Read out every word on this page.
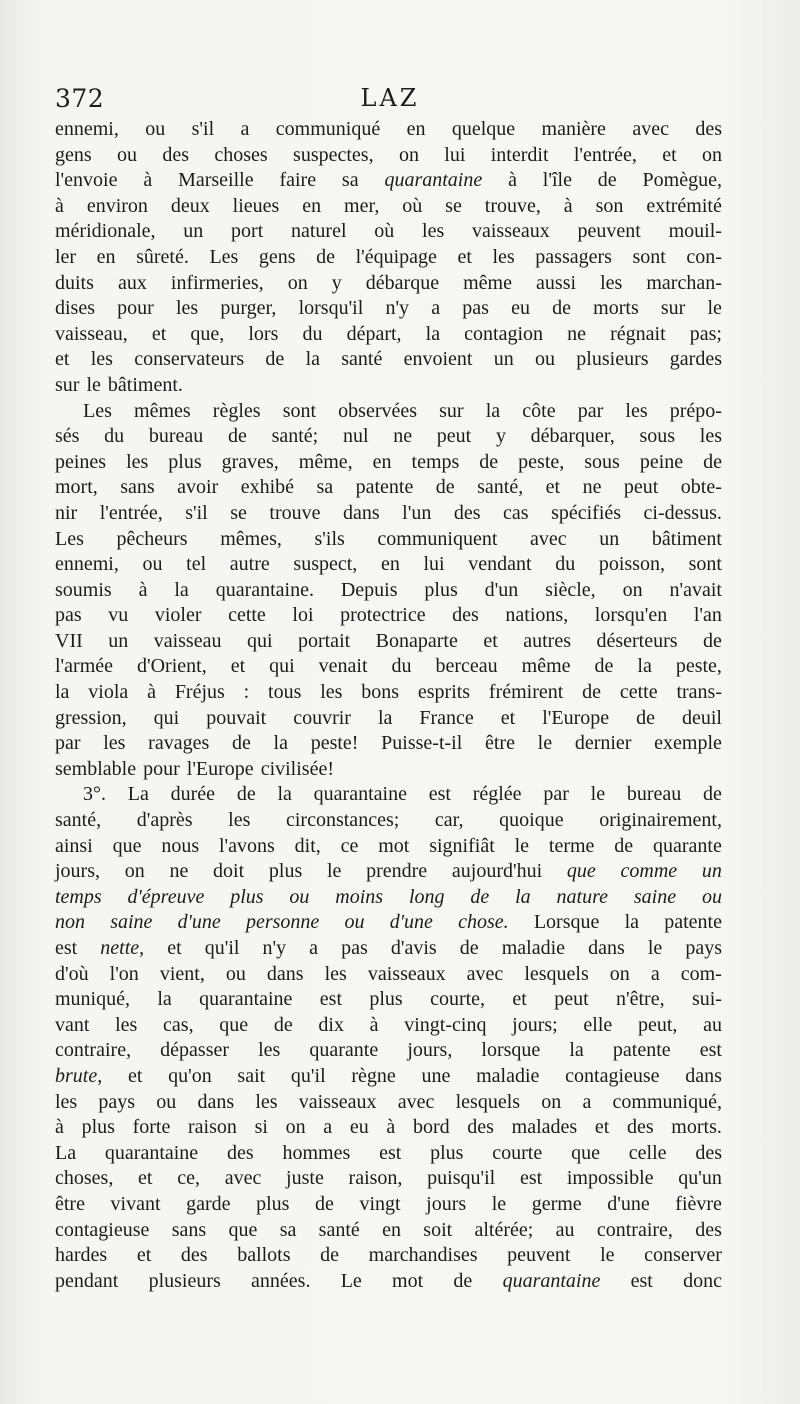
372	LAZ
ennemi, ou s'il a communiqué en quelque manière avec des
gens ou des choses suspectes, on lui interdit l'entrée, et on
l'envoie à Marseille faire sa quarantaine à l'île de Pomègue,
à environ deux lieues en mer, où se trouve, à son extrémité
méridionale, un port naturel où les vaisseaux peuvent mouil-
ler en sûreté. Les gens de l'équipage et les passagers sont con-
duits aux infirmeries, on y débarque même aussi les marchan-
dises pour les purger, lorsqu'il n'y a pas eu de morts sur le
vaisseau, et que, lors du départ, la contagion ne régnait pas;
et les conservateurs de la santé envoient un ou plusieurs gardes
sur le bâtiment.
Les mêmes règles sont observées sur la côte par les prépo-
sés du bureau de santé; nul ne peut y débarquer, sous les
peines les plus graves, même, en temps de peste, sous peine de
mort, sans avoir exhibé sa patente de santé, et ne peut obte-
nir l'entrée, s'il se trouve dans l'un des cas spécifiés ci-dessus.
Les pêcheurs mêmes, s'ils communiquent avec un bâtiment
ennemi, ou tel autre suspect, en lui vendant du poisson, sont
soumis à la quarantaine. Depuis plus d'un siècle, on n'avait
pas vu violer cette loi protectrice des nations, lorsqu'en l'an
VII un vaisseau qui portait Bonaparte et autres déserteurs de
l'armée d'Orient, et qui venait du berceau même de la peste,
la viola à Fréjus : tous les bons esprits frémirent de cette trans-
gression, qui pouvait couvrir la France et l'Europe de deuil
par les ravages de la peste! Puisse-t-il être le dernier exemple
semblable pour l'Europe civilisée!
3°. La durée de la quarantaine est réglée par le bureau de
santé, d'après les circonstances; car, quoique originairement,
ainsi que nous l'avons dit, ce mot signifiât le terme de quarante
jours, on ne doit plus le prendre aujourd'hui que comme un
temps d'épreuve plus ou moins long de la nature saine ou
non saine d'une personne ou d'une chose. Lorsque la patente
est nette, et qu'il n'y a pas d'avis de maladie dans le pays
d'où l'on vient, ou dans les vaisseaux avec lesquels on a com-
muniqué, la quarantaine est plus courte, et peut n'être, sui-
vant les cas, que de dix à vingt-cinq jours; elle peut, au
contraire, dépasser les quarante jours, lorsque la patente est
brute, et qu'on sait qu'il règne une maladie contagieuse dans
les pays ou dans les vaisseaux avec lesquels on a communiqué,
à plus forte raison si on a eu à bord des malades et des morts.
La quarantaine des hommes est plus courte que celle des
choses, et ce, avec juste raison, puisqu'il est impossible qu'un
être vivant garde plus de vingt jours le germe d'une fièvre
contagieuse sans que sa santé en soit altérée; au contraire, des
hardes et des ballots de marchandises peuvent le conserver
pendant plusieurs années. Le mot de quarantaine est donc
